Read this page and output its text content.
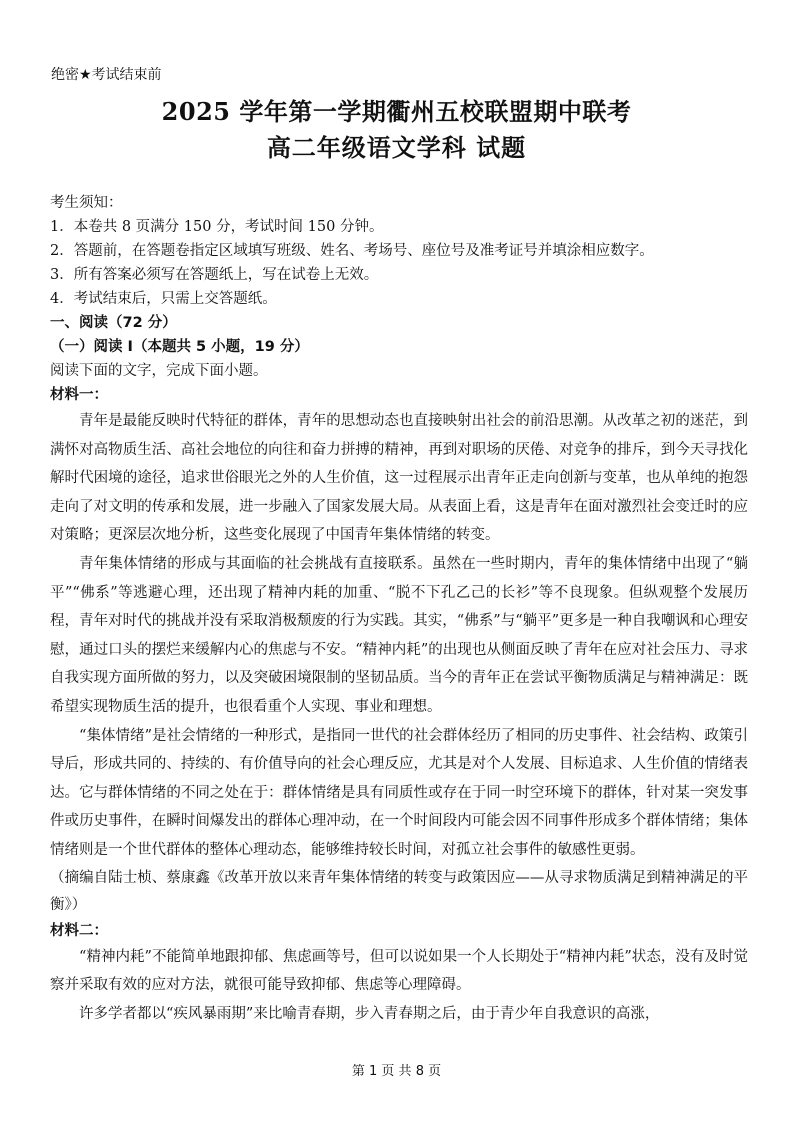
绝密★考试结束前
2025 学年第一学期衢州五校联盟期中联考
高二年级语文学科 试题
考生须知：
1．本卷共 8 页满分 150 分，考试时间 150 分钟。
2．答题前，在答题卷指定区域填写班级、姓名、考场号、座位号及准考证号并填涂相应数字。
3．所有答案必须写在答题纸上，写在试卷上无效。
4．考试结束后，只需上交答题纸。
一、阅读（72 分）
（一）阅读 I（本题共 5 小题，19 分）
阅读下面的文字，完成下面小题。
材料一：

青年是最能反映时代特征的群体，青年的思想动态也直接映射出社会的前沿思潮。从改革之初的迷茫，到满怀对高物质生活、高社会地位的向往和奋力拼搏的精神，再到对职场的厌倦、对竞争的排斥，到今天寻找化解时代困境的途径，追求世俗眼光之外的人生价值，这一过程展示出青年正走向创新与变革，也从单纯的抱怨走向了对文明的传承和发展，进一步融入了国家发展大局。从表面上看，这是青年在面对激烈社会变迁时的应对策略；更深层次地分析，这些变化展现了中国青年集体情绪的转变。

青年集体情绪的形成与其面临的社会挑战有直接联系。虽然在一些时期内，青年的集体情绪中出现了“躺平”“佛系”等逃避心理，还出现了精神内耗的加重、“脱不下孔乙己的长衫”等不良现象。但纵观整个发展历程，青年对时代的挑战并没有采取消极颓废的行为实践。其实，“佛系”与“躺平”更多是一种自我嘲讽和心理安慰，通过口头的摆烂来缓解内心的焦虑与不安。“精神内耗”的出现也从侧面反映了青年在应对社会压力、寻求自我实现方面所做的努力，以及突破困境限制的坚韧品质。当今的青年正在尝试平衡物质满足与精神满足：既希望实现物质生活的提升，也很看重个人实现、事业和理想。

“集体情绪”是社会情绪的一种形式，是指同一世代的社会群体经历了相同的历史事件、社会结构、政策引导后，形成共同的、持续的、有价值导向的社会心理反应，尤其是对个人发展、目标追求、人生价值的情绪表达。它与群体情绪的不同之处在于：群体情绪是具有同质性或存在于同一时空环境下的群体，针对某一突发事件或历史事件，在瞬时间爆发出的群体心理冲动，在一个时间段内可能会因不同事件形成多个群体情绪；集体情绪则是一个世代群体的整体心理动态，能够维持较长时间，对孤立社会事件的敏感性更弱。

（摘编自陆士桢、蔡康鑫《改革开放以来青年集体情绪的转变与政策因应——从寻求物质满足到精神满足的平衡》）

材料二：

“精神内耗”不能简单地跟抑郁、焦虑画等号，但可以说如果一个人长期处于“精神内耗”状态，没有及时觉察并采取有效的应对方法，就很可能导致抑郁、焦虑等心理障碍。

许多学者都以“疾风暴雨期”来比喻青春期，步入青春期之后，由于青少年自我意识的高涨，

第 1 页 共 8 页
